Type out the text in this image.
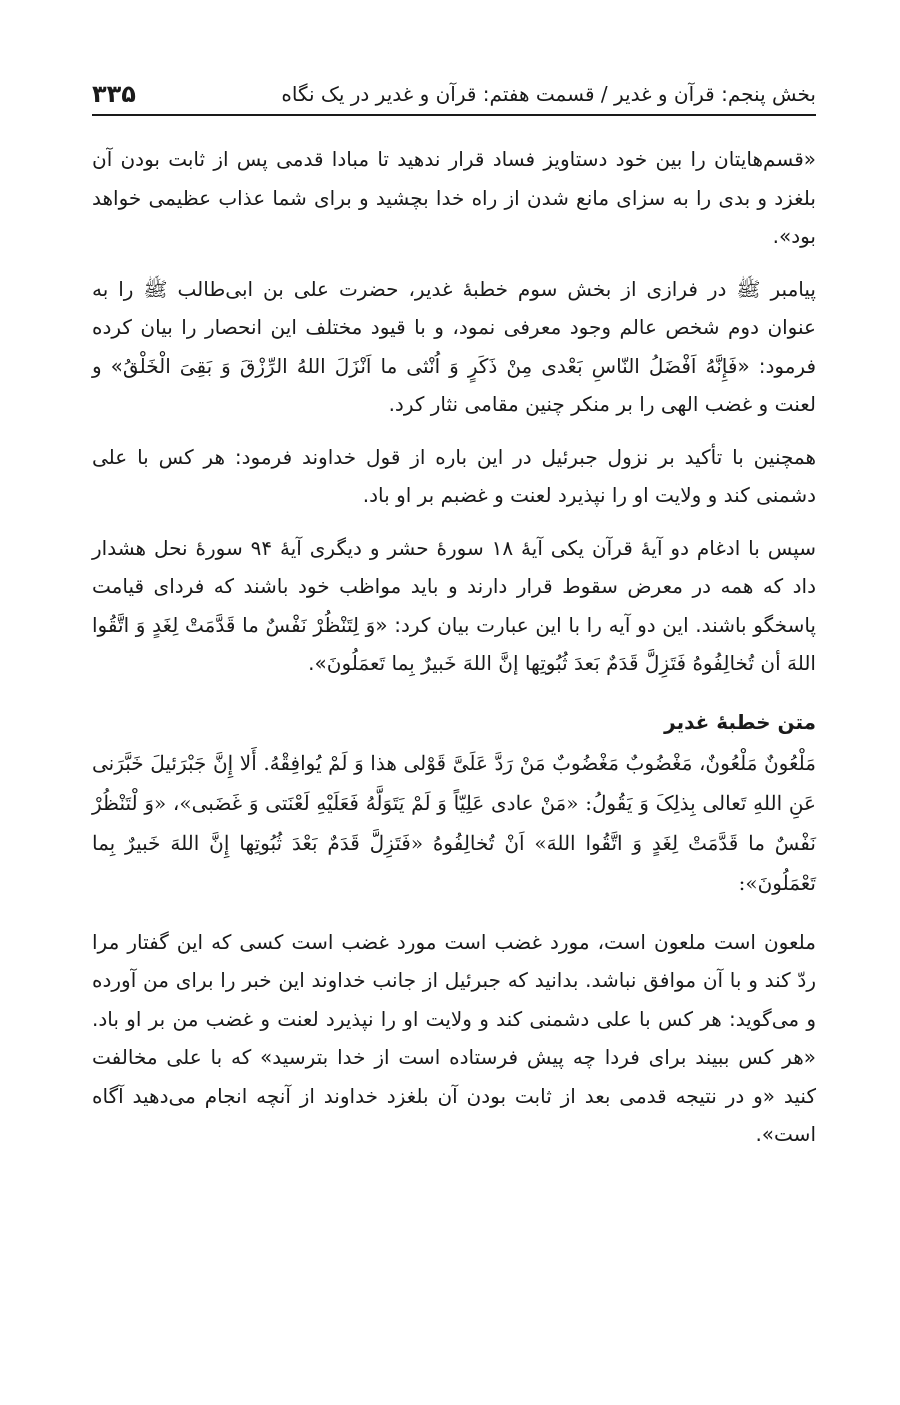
بخش پنجم: قرآن و غدیر / قسمت هفتم: قرآن و غدیر در یک نگاه
۳۳۵

«قسم‌هایتان را بین خود دستاویز فساد قرار ندهید تا مبادا قدمی پس از ثابت بودن آن بلغزد و بدی را به سزای مانع شدن از راه خدا بچشید و برای شما عذاب عظیمی خواهد بود».

پیامبر ﷺ در فرازی از بخش سوم خطبهٔ غدیر، حضرت علی بن ابی‌طالب ﷺ را به عنوان دوم شخص عالم وجود معرفی نمود، و با قیود مختلف این انحصار را بیان کرده فرمود: «فَإِنَّهُ اَفْضَلُ النّاسِ بَعْدی مِنْ ذَکَرٍ وَ اُنْثی ما اَنْزَلَ اللهُ الرِّزْقَ وَ بَقِیَ الْخَلْقُ» و لعنت و غضب الهی را بر منکر چنین مقامی نثار کرد.

همچنین با تأکید بر نزول جبرئیل در این باره از قول خداوند فرمود: هر کس با علی دشمنی کند و ولایت او را نپذیرد لعنت و غضبم بر او باد.

سپس با ادغام دو آیهٔ قرآن یکی آیهٔ ۱۸ سورهٔ حشر و دیگری آیهٔ ۹۴ سورهٔ نحل هشدار داد که همه در معرض سقوط قرار دارند و باید مواظب خود باشند که فردای قیامت پاسخگو باشند. این دو آیه را با این عبارت بیان کرد: «وَ لِتَنْظُرْ نَفْسٌ ما قَدَّمَتْ لِغَدٍ وَ اتَّقُوا اللهَ أن تُخالِفُوهُ فَتَزِلَّ قَدَمٌ بَعدَ ثُبُوتِها إنَّ اللهَ خَبیرٌ بِما تَعمَلُونَ».

متن خطبهٔ غدیر

مَلْعُونٌ مَلْعُونٌ، مَغْضُوبٌ مَغْضُوبٌ مَنْ رَدَّ عَلَیَّ قَوْلی هذا وَ لَمْ یُوافِقْهُ. أَلا إِنَّ جَبْرَئیلَ خَبَّرَنی عَنِ اللهِ تَعالی بِذلِکَ وَ یَقُولُ: «مَنْ عادی عَلِیّاً وَ لَمْ یَتَوَلَّهُ فَعَلَیْهِ لَعْنَتی وَ غَضَبی»، «وَ لْتَنْظُرْ نَفْسٌ ما قَدَّمَتْ لِغَدٍ وَ اتَّقُوا اللهَ» اَنْ تُخالِفُوهُ «فَتَزِلَّ قَدَمٌ بَعْدَ ثُبُوتِها إِنَّ اللهَ خَبیرٌ بِما تَعْمَلُونَ»:

ملعون است ملعون است، مورد غضب است مورد غضب است کسی که این گفتار مرا ردّ کند و با آن موافق نباشد. بدانید که جبرئیل از جانب خداوند این خبر را برای من آورده و می‌گوید: هر کس با علی دشمنی کند و ولایت او را نپذیرد لعنت و غضب من بر او باد. «هر کس ببیند برای فردا چه پیش فرستاده است از خدا بترسید» که با علی مخالفت کنید «و در نتیجه قدمی بعد از ثابت بودن آن بلغزد خداوند از آنچه انجام می‌دهید آگاه است».
